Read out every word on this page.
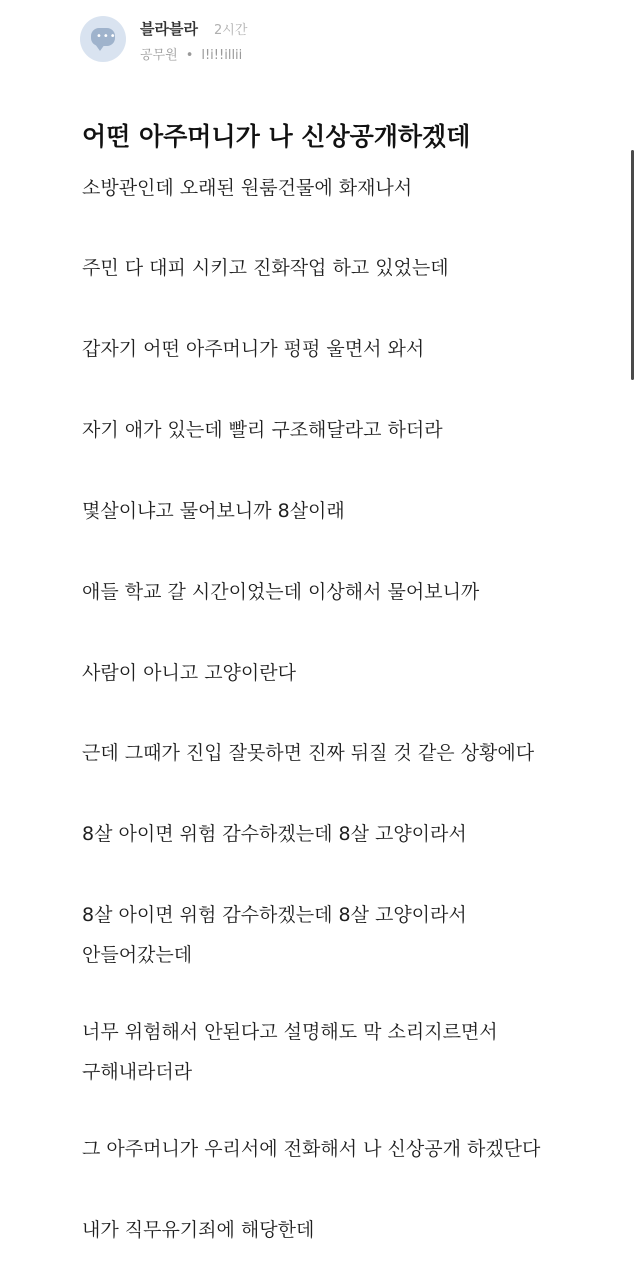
••• 블라블라 2시간
공무원 • l!i!!illii
어떤 아주머니가 나 신상공개하겠데
소방관인데 오래된 원룸건물에 화재나서
주민 다 대피 시키고 진화작업 하고 있었는데
갑자기 어떤 아주머니가 펑펑 울면서 와서
자기 애가 있는데 빨리 구조해달라고 하더라
몇살이냐고 물어보니까 8살이래
애들 학교 갈 시간이었는데 이상해서 물어보니까
사람이 아니고 고양이란다
근데 그때가 진입 잘못하면 진짜 뒤질 것 같은 상황에다
8살 아이면 위험 감수하겠는데 8살 고양이라서
8살 아이면 위험 감수하겠는데 8살 고양이라서
안들어갔는데
너무 위험해서 안된다고 설명해도 막 소리지르면서
구해내라더라
그 아주머니가 우리서에 전화해서 나 신상공개 하겠단다
내가 직무유기죄에 해당한데
